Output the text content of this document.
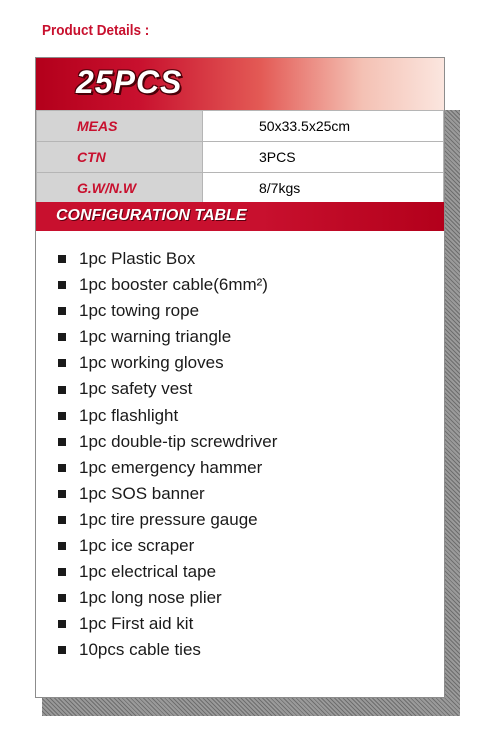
Product Details :
25PCS
MEAS	50x33.5x25cm
CTN	3PCS
G.W/N.W	8/7kgs
CONFIGURATION TABLE
1pc Plastic Box
1pc booster cable(6mm²)
1pc towing rope
1pc warning triangle
1pc working gloves
1pc safety vest
1pc flashlight
1pc double-tip screwdriver
1pc emergency hammer
1pc SOS banner
1pc tire pressure gauge
1pc ice scraper
1pc electrical tape
1pc long nose plier
1pc First aid kit
10pcs cable ties
